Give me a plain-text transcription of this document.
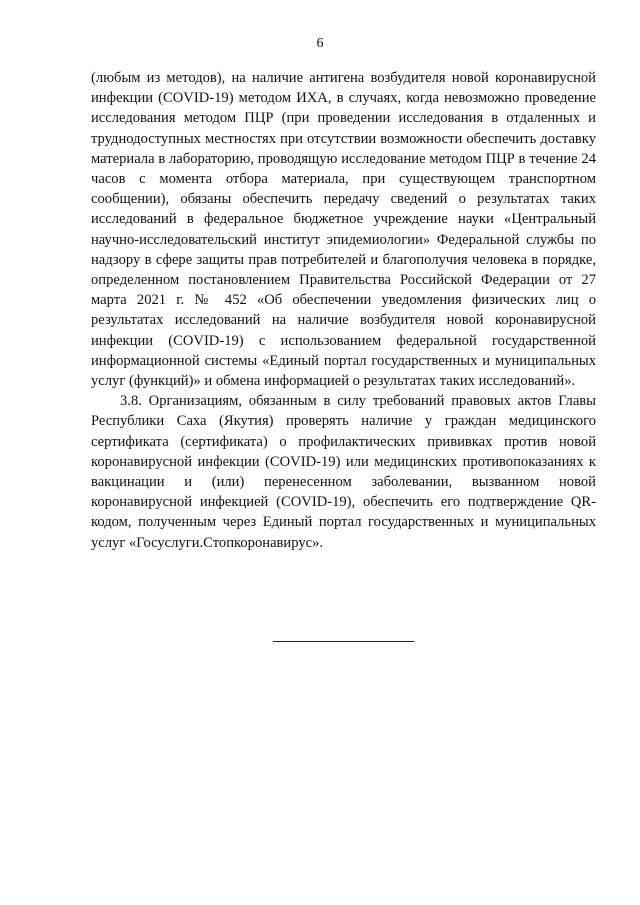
6

(любым из методов), на наличие антигена возбудителя новой коронавирусной инфекции (COVID-19) методом ИХА, в случаях, когда невозможно проведение исследования методом ПЦР (при проведении исследования в отдаленных и труднодоступных местностях при отсутствии возможности обеспечить доставку материала в лабораторию, проводящую исследование методом ПЦР в течение 24 часов с момента отбора материала, при существующем транспортном сообщении), обязаны обеспечить передачу сведений о результатах таких исследований в федеральное бюджетное учреждение науки «Центральный научно-исследовательский институт эпидемиологии» Федеральной службы по надзору в сфере защиты прав потребителей и благополучия человека в порядке, определенном постановлением Правительства Российской Федерации от 27 марта 2021 г. № 452 «Об обеспечении уведомления физических лиц о результатах исследований на наличие возбудителя новой коронавирусной инфекции (COVID-19) с использованием федеральной государственной информационной системы «Единый портал государственных и муниципальных услуг (функций)» и обмена информацией о результатах таких исследований».

3.8. Организациям, обязанным в силу требований правовых актов Главы Республики Саха (Якутия) проверять наличие у граждан медицинского сертификата (сертификата) о профилактических прививках против новой коронавирусной инфекции (COVID-19) или медицинских противопоказаниях к вакцинации и (или) перенесенном заболевании, вызванном новой коронавирусной инфекцией (COVID-19), обеспечить его подтверждение QR-кодом, полученным через Единый портал государственных и муниципальных услуг «Госуслуги.Стопкоронавирус».
